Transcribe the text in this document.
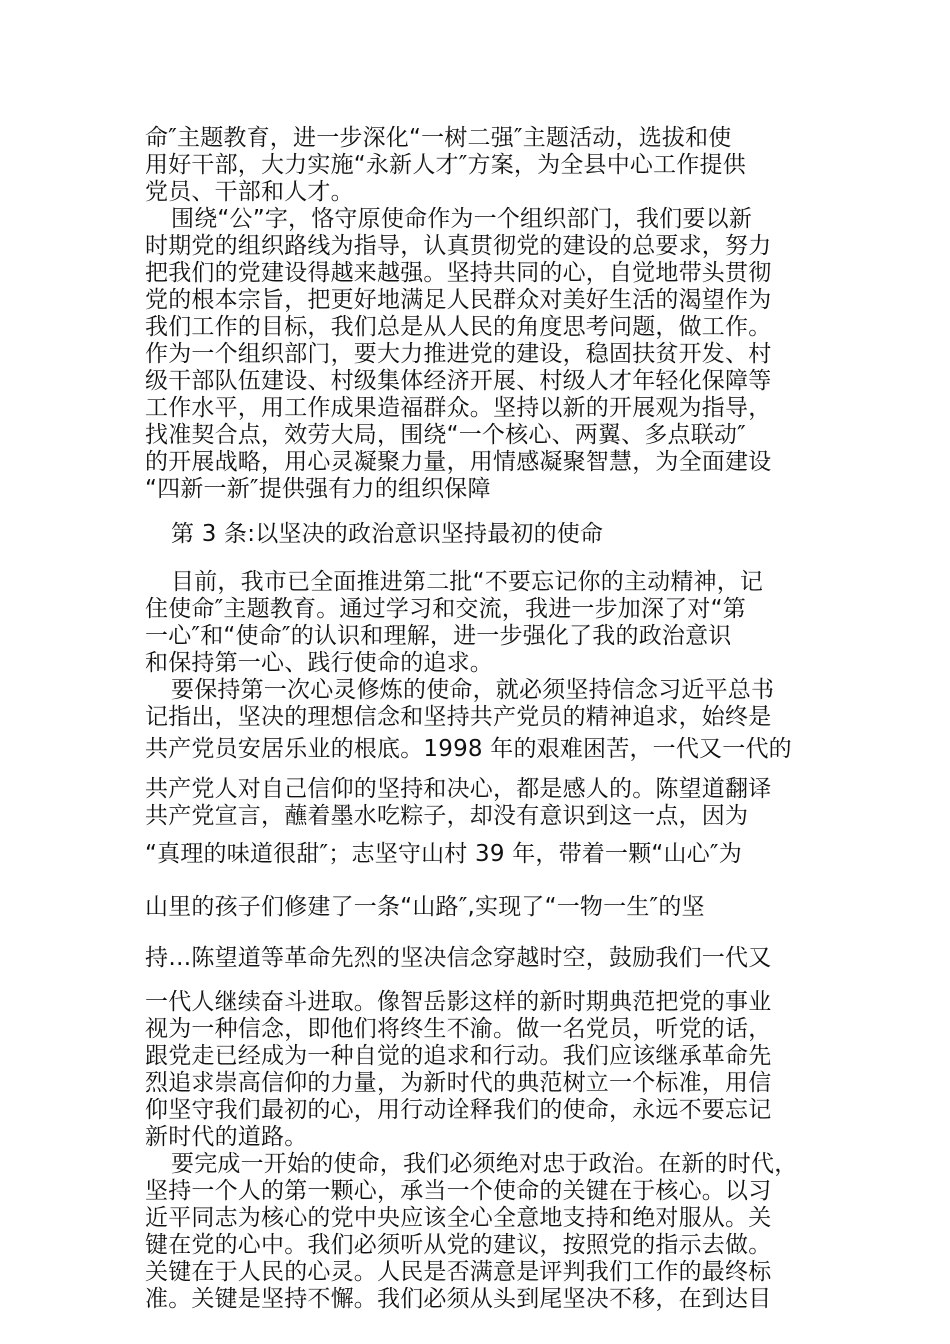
命″主题教育，进一步深化“一树二强″主题活动，选拔和使

用好干部，大力实施“永新人才″方案，为全县中心工作提供

党员、干部和人才。

围绕“公”字，恪守原使命作为一个组织部门，我们要以新

时期党的组织路线为指导，认真贯彻党的建设的总要求，努力

把我们的党建设得越来越强。坚持共同的心，自觉地带头贯彻

党的根本宗旨，把更好地满足人民群众对美好生活的渴望作为

我们工作的目标，我们总是从人民的角度思考问题，做工作。

作为一个组织部门，要大力推进党的建设，稳固扶贫开发、村

级干部队伍建设、村级集体经济开展、村级人才年轻化保障等

工作水平，用工作成果造福群众。坚持以新的开展观为指导，

找准契合点，效劳大局，围绕“一个核心、两翼、多点联动″

的开展战略，用心灵凝聚力量，用情感凝聚智慧，为全面建设

“四新一新″提供强有力的组织保障

第 3 条:以坚决的政治意识坚持最初的使命

目前，我市已全面推进第二批“不要忘记你的主动精神，记

住使命″主题教育。通过学习和交流，我进一步加深了对“第

一心″和“使命″的认识和理解，进一步强化了我的政治意识

和保持第一心、践行使命的追求。

要保持第一次心灵修炼的使命，就必须坚持信念习近平总书

记指出，坚决的理想信念和坚持共产党员的精神追求，始终是

共产党员安居乐业的根底。1998 年的艰难困苦，一代又一代的

共产党人对自己信仰的坚持和决心，都是感人的。陈望道翻译

共产党宣言，蘸着墨水吃粽子，却没有意识到这一点，因为

“真理的味道很甜″；志坚守山村 39 年，带着一颗“山心″为

山里的孩子们修建了一条“山路″,实现了“一物一生″的坚

持…陈望道等革命先烈的坚决信念穿越时空，鼓励我们一代又

一代人继续奋斗进取。像智岳影这样的新时期典范把党的事业

视为一种信念，即他们将终生不渝。做一名党员，听党的话，

跟党走已经成为一种自觉的追求和行动。我们应该继承革命先

烈追求崇高信仰的力量，为新时代的典范树立一个标准，用信

仰坚守我们最初的心，用行动诠释我们的使命，永远不要忘记

新时代的道路。

要完成一开始的使命，我们必须绝对忠于政治。在新的时代，

坚持一个人的第一颗心，承当一个使命的关键在于核心。以习

近平同志为核心的党中央应该全心全意地支持和绝对服从。关

键在党的心中。我们必须听从党的建议，按照党的指示去做。

关键在于人民的心灵。人民是否满意是评判我们工作的最终标

准。关键是坚持不懈。我们必须从头到尾坚决不移，在到达目
